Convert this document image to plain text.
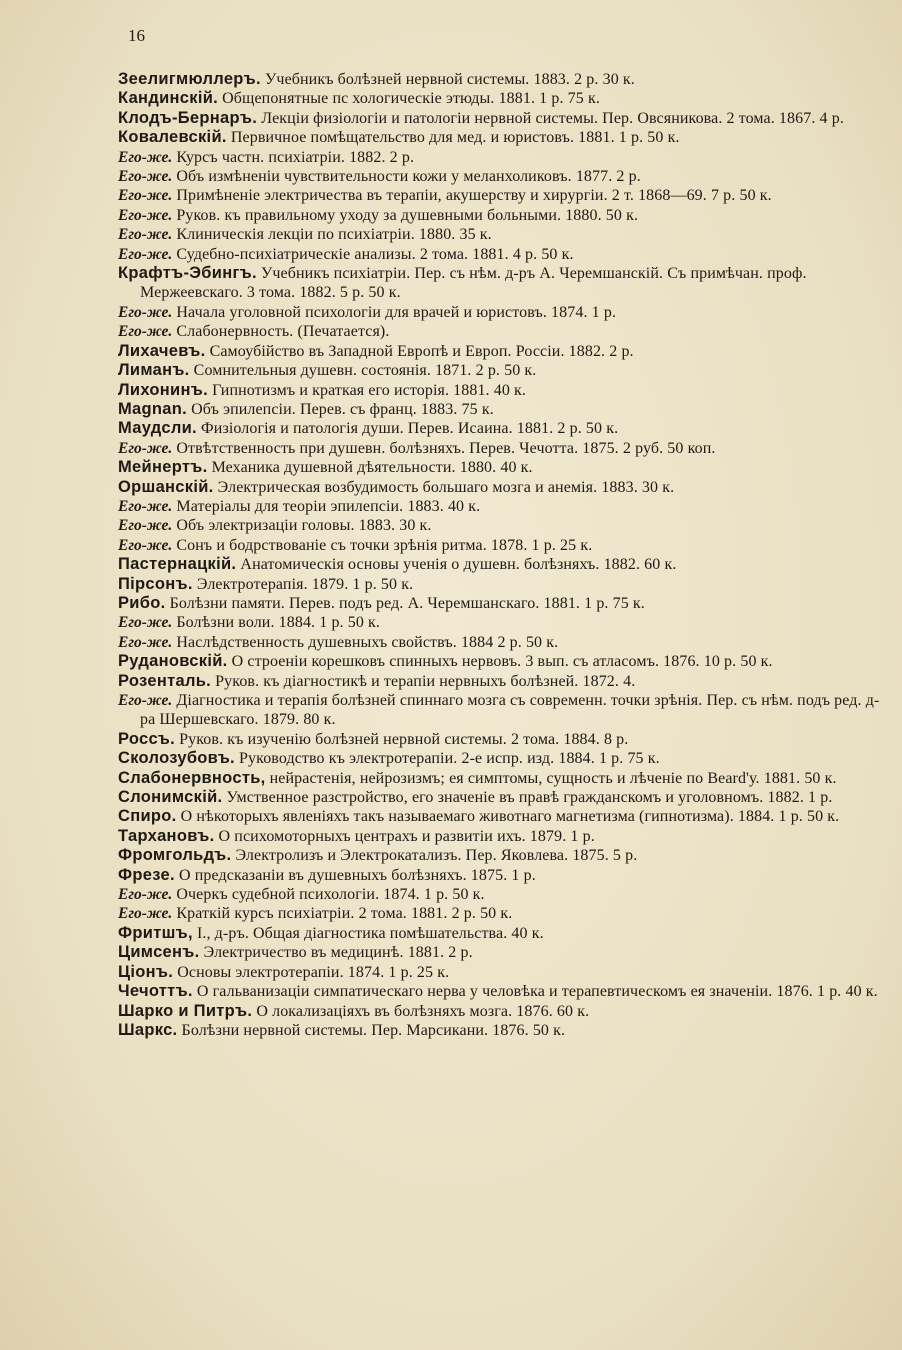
16

Зеелигмюллеръ. Учебникъ болѣзней нервной системы. 1883. 2 р. 30 к.

Кандинскій. Общепонятные пс хологическіе этюды. 1881. 1 р. 75 к.

Клодъ-Бернаръ. Лекціи физіологіи и патологіи нервной системы. Пер. Овсяникова. 2 тома. 1867. 4 р.

Ковалевскій. Первичное помѣщательство для мед. и юристовъ. 1881. 1 р. 50 к.

Его-же. Курсъ частн. психіатріи. 1882. 2 р.

Его-же. Объ измѣненіи чувствительности кожи у меланхоликовъ. 1877. 2 р.

Его-же. Примѣненіе электричества въ терапіи, акушерству и хирургіи. 2 т. 1868—69. 7 р. 50 к.

Его-же. Руков. къ правильному уходу за душевными больными. 1880. 50 к.

Его-же. Клиническія лекціи по психіатріи. 1880. 35 к.

Его-же. Судебно-психіатрическіе анализы. 2 тома. 1881. 4 р. 50 к.

Крафтъ-Эбингъ. Учебникъ психіатріи. Пер. съ нѣм. д-ръ А. Черемшанскій. Съ примѣчан. проф. Мержеевскаго. 3 тома. 1882. 5 р. 50 к.

Его-же. Начала уголовной психологіи для врачей и юристовъ. 1874. 1 р.

Его-же. Слабонервность. (Печатается).

Лихачевъ. Самоубійство въ Западной Европѣ и Европ. Россіи. 1882. 2 р.

Лиманъ. Сомнительныя душевн. состоянія. 1871. 2 р. 50 к.

Лихонинъ. Гипнотизмъ и краткая его исторія. 1881. 40 к.

Magnan. Объ эпилепсіи. Перев. съ франц. 1883. 75 к.

Маудсли. Физіологія и патологія души. Перев. Исаина. 1881. 2 р. 50 к.

Его-же. Отвѣтственность при душевн. болѣзняхъ. Перев. Чечотта. 1875. 2 руб. 50 коп.

Мейнертъ. Механика душевной дѣятельности. 1880. 40 к.

Оршанскій. Электрическая возбудимость большаго мозга и анемія. 1883. 30 к.

Его-же. Матеріалы для теоріи эпилепсіи. 1883. 40 к.

Его-же. Объ электризаціи головы. 1883. 30 к.

Его-же. Сонъ и бодрствованіе съ точки зрѣнія ритма. 1878. 1 р. 25 к.

Пастернацкій. Анатомическія основы ученія о душевн. болѣзняхъ. 1882. 60 к.

Пірсонъ. Электротерапія. 1879. 1 р. 50 к.

Рибо. Болѣзни памяти. Перев. подъ ред. А. Черемшанскаго. 1881. 1 р. 75 к.

Его-же. Болѣзни воли. 1884. 1 р. 50 к.

Его-же. Наслѣдственность душевныхъ свойствъ. 1884 2 р. 50 к.

Рудановскій. О строеніи корешковъ спинныхъ нервовъ. 3 вып. съ атласомъ. 1876. 10 р. 50 к.

Розенталь. Руков. къ діагностикѣ и терапіи нервныхъ болѣзней. 1872. 4.

Его-же. Діагностика и терапія болѣзней спиннаго мозга съ современн. точки зрѣнія. Пер. съ нѣм. подъ ред. д-ра Шершевскаго. 1879. 80 к.

Россъ. Руков. къ изученію болѣзней нервной системы. 2 тома. 1884. 8 р.

Сколозубовъ. Руководство къ электротерапіи. 2-е испр. изд. 1884. 1 р. 75 к.

Слабонервность, нейрастенія, нейрозизмъ; ея симптомы, сущность и лѣченіе по Beard'у. 1881. 50 к.

Слонимскій. Умственное разстройство, его значеніе въ правѣ гражданскомъ и уголовномъ. 1882. 1 р.

Спиро. О нѣкоторыхъ явленіяхъ такъ называемаго животнаго магнетизма (гипнотизма). 1884. 1 р. 50 к.

Тархановъ. О психомоторныхъ центрахъ и развитіи ихъ. 1879. 1 р.

Фромгольдъ. Электролизъ и Электрокатализъ. Пер. Яковлева. 1875. 5 р.

Фрезе. О предсказаніи въ душевныхъ болѣзняхъ. 1875. 1 р.

Его-же. Очеркъ судебной психологіи. 1874. 1 р. 50 к.

Его-же. Краткій курсъ психіатріи. 2 тома. 1881. 2 р. 50 к.

Фритшъ, І., д-ръ. Общая діагностика помѣшательства. 40 к.

Цимсенъ. Электричество въ медицинѣ. 1881. 2 р.

Ціонъ. Основы электротерапіи. 1874. 1 р. 25 к.

Чечоттъ. О гальванизаціи симпатическаго нерва у человѣка и терапевтическомъ ея значеніи. 1876. 1 р. 40 к.

Шарко и Питръ. О локализаціяхъ въ болѣзняхъ мозга. 1876. 60 к.

Шаркс. Болѣзни нервной системы. Пер. Марсикани. 1876. 50 к.
